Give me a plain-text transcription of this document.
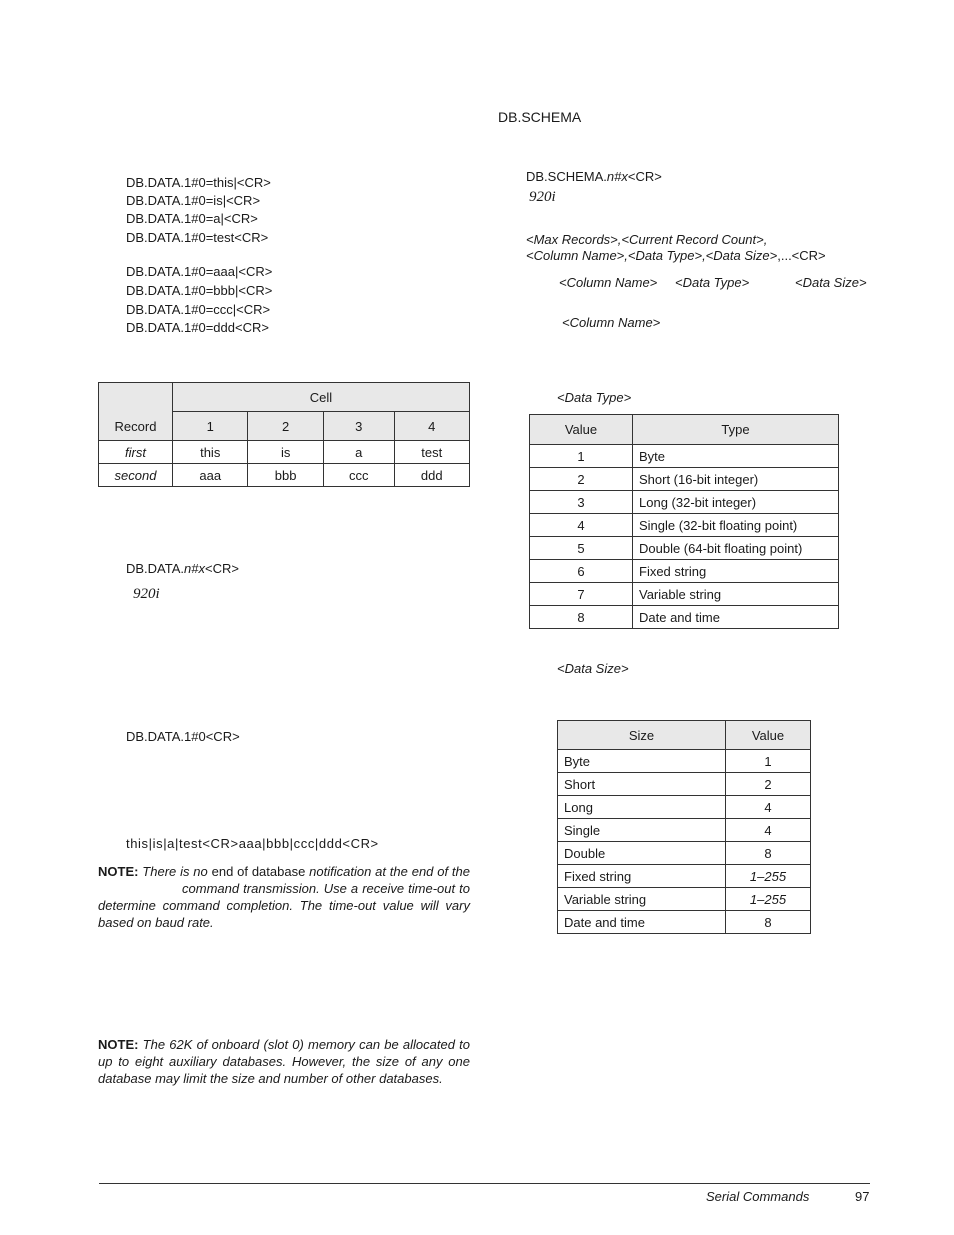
DB.SCHEMA
DB.SCHEMA.n#x<CR>
920i
<Max Records>,<Current Record Count>,
<Column Name>,<Data Type>,<Data Size>,...<CR>
<Column Name> <Data Type>	<Data Size>
<Column Name>
<Data Type>
Value	Type
1	Byte
2	Short (16-bit integer)
3	Long (32-bit integer)
4	Single (32-bit floating point)
5	Double (64-bit floating point)
6	Fixed string
7	Variable string
8	Date and time
<Data Size>
Size	Value
Byte	1
Short	2
Long	4
Single	4
Double	8
Fixed string	1–255
Variable string	1–255
Date and time	8
DB.DATA.1#0=this|<CR>
DB.DATA.1#0=is|<CR>
DB.DATA.1#0=a|<CR>
DB.DATA.1#0=test<CR>
DB.DATA.1#0=aaa|<CR>
DB.DATA.1#0=bbb|<CR>
DB.DATA.1#0=ccc|<CR>
DB.DATA.1#0=ddd<CR>
Record	Cell			
	1	2	3	4
first	this	is	a	test
second	aaa	bbb	ccc	ddd
DB.DATA.n#x<CR>
920i
DB.DATA.1#0<CR>
this|is|a|test<CR>aaa|bbb|ccc|ddd<CR>
NOTE: There is no end of database notification at the end of the  command transmission. Use a receive time-out to determine command completion. The time-out value will vary based on baud rate.
NOTE: The 62K of onboard (slot 0) memory can be allocated to up to eight auxiliary databases. However, the size of any one database may limit the size and number of other databases.
Serial Commands	97
